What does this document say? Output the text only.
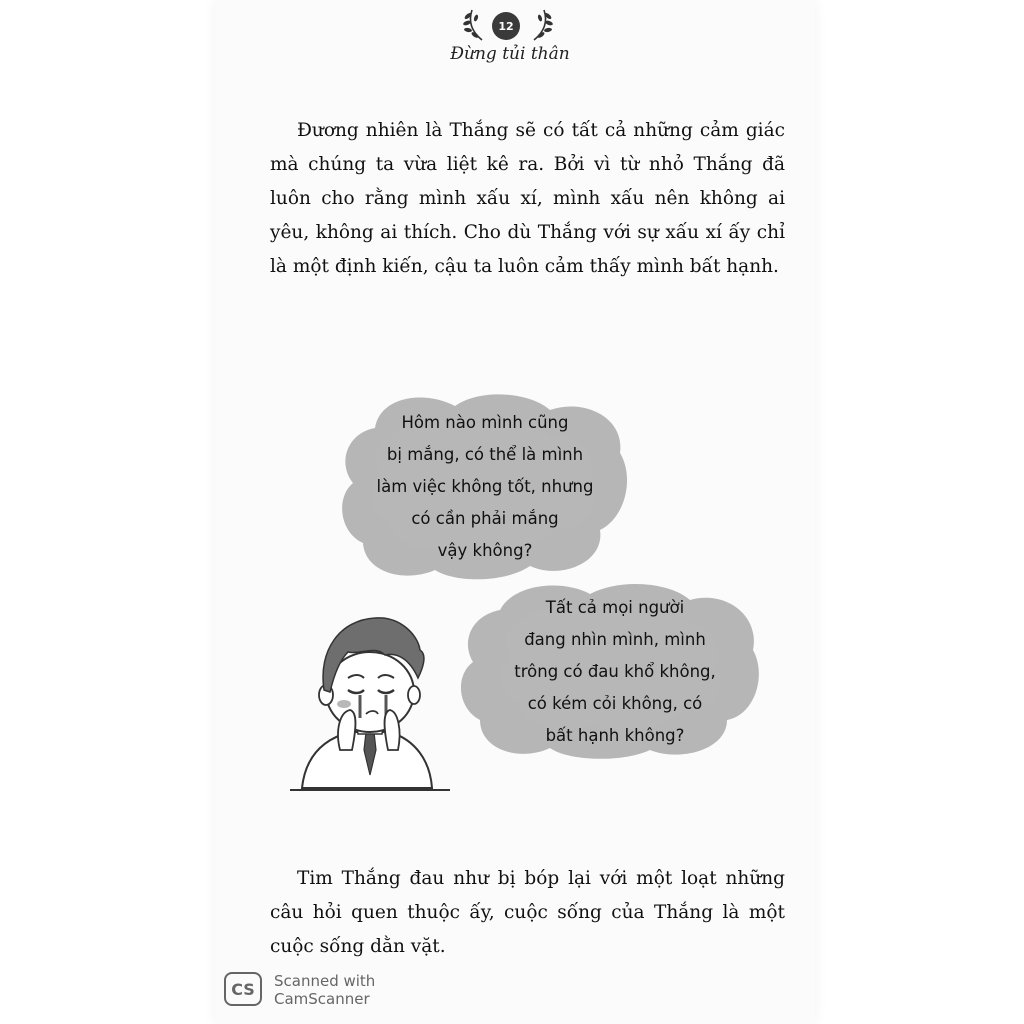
12
Đừng tủi thân

Đương nhiên là Thắng sẽ có tất cả những cảm giác mà chúng ta vừa liệt kê ra. Bởi vì từ nhỏ Thắng đã luôn cho rằng mình xấu xí, mình xấu nên không ai yêu, không ai thích. Cho dù Thắng với sự xấu xí ấy chỉ là một định kiến, cậu ta luôn cảm thấy mình bất hạnh.

Hôm nào mình cũng
bị mắng, có thể là mình
làm việc không tốt, nhưng
có cần phải mắng
vậy không?
Tất cả mọi người
đang nhìn mình, mình
trông có đau khổ không,
có kém cỏi không, có
bất hạnh không?

Tim Thắng đau như bị bóp lại với một loạt những câu hỏi quen thuộc ấy, cuộc sống của Thắng là một cuộc sống dằn vặt.

CS	Scanned with
CamScanner
